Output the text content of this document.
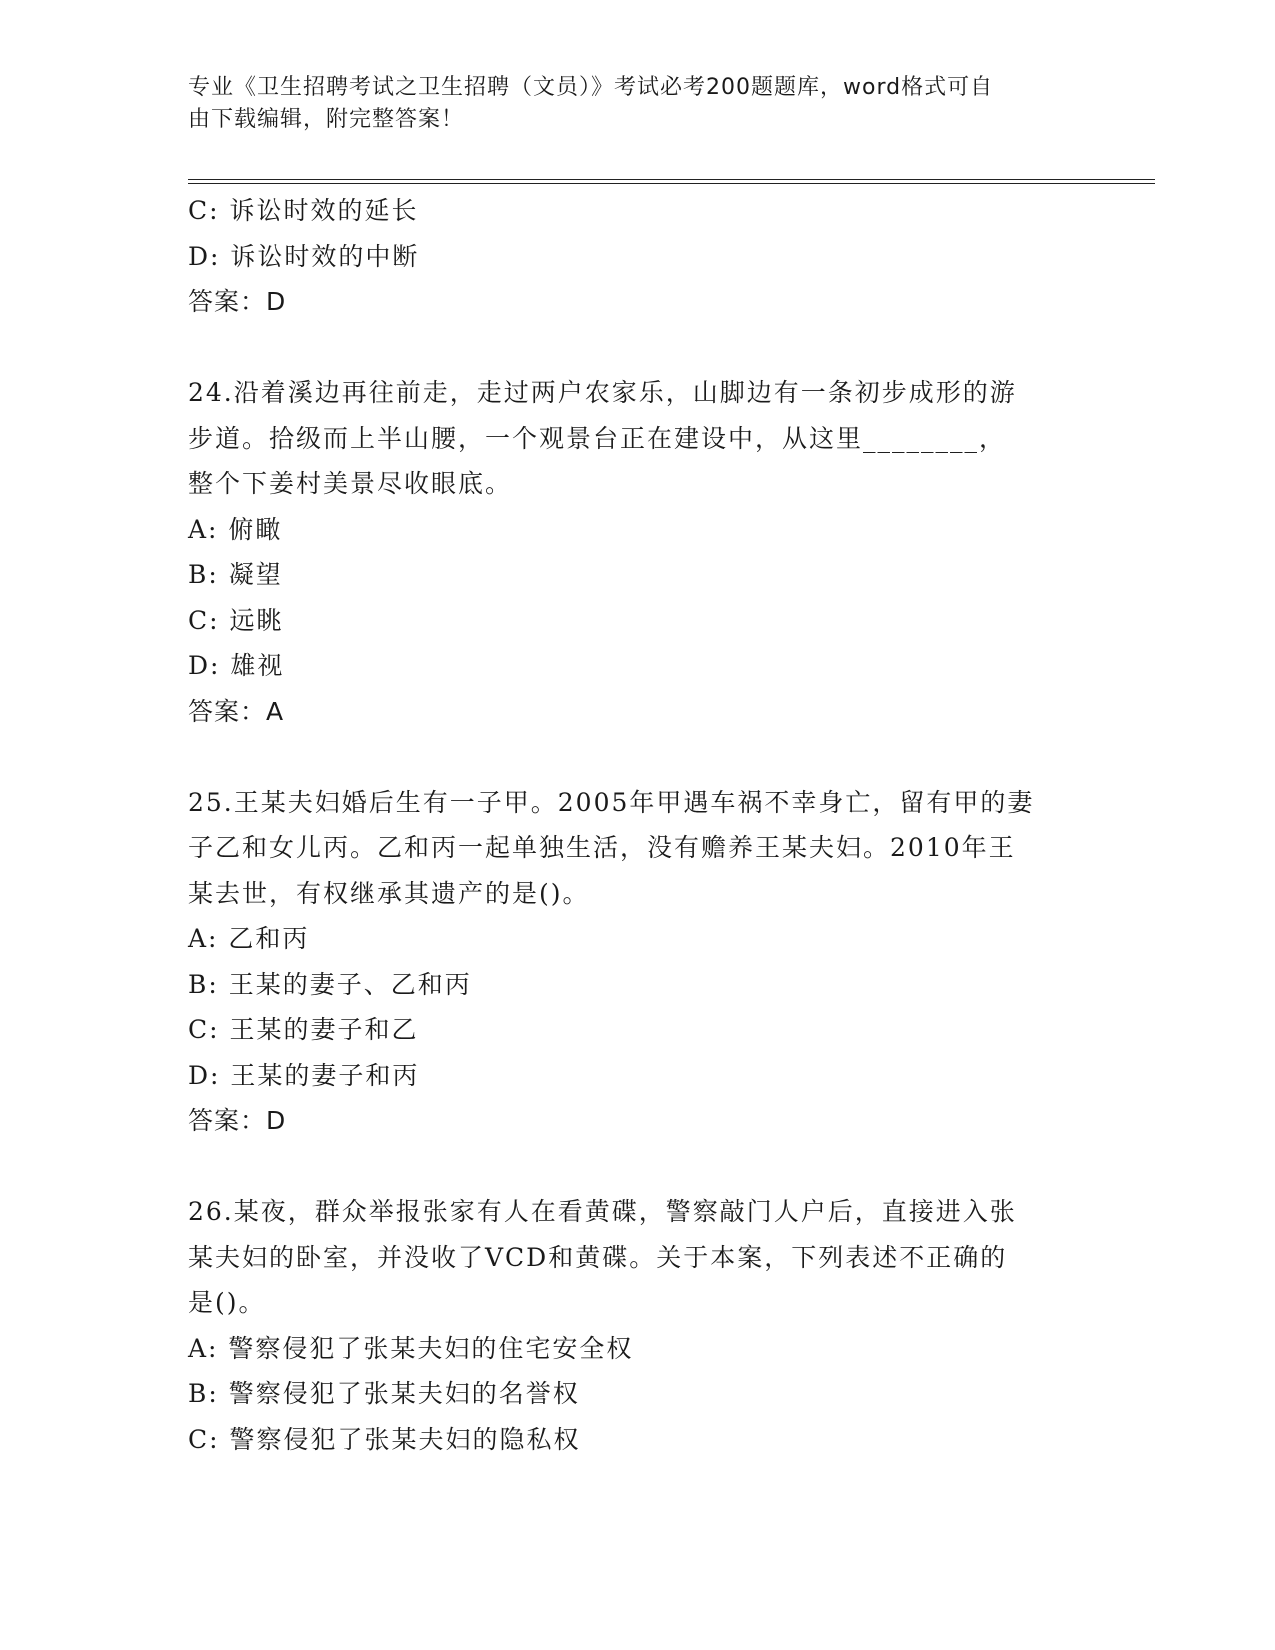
专业《卫生招聘考试之卫生招聘（文员）》考试必考200题题库，word格式可自
由下载编辑，附完整答案！
C: 诉讼时效的延长
D: 诉讼时效的中断
答案：D
24.沿着溪边再往前走，走过两户农家乐，山脚边有一条初步成形的游
步道。拾级而上半山腰，一个观景台正在建设中，从这里________，
整个下姜村美景尽收眼底。
A: 俯瞰
B: 凝望
C: 远眺
D: 雄视
答案：A
25.王某夫妇婚后生有一子甲。2005年甲遇车祸不幸身亡，留有甲的妻
子乙和女儿丙。乙和丙一起单独生活，没有赡养王某夫妇。2010年王
某去世，有权继承其遗产的是()。
A: 乙和丙
B: 王某的妻子、乙和丙
C: 王某的妻子和乙
D: 王某的妻子和丙
答案：D
26.某夜，群众举报张家有人在看黄碟，警察敲门人户后，直接进入张
某夫妇的卧室，并没收了VCD和黄碟。关于本案，下列表述不正确的
是()。
A: 警察侵犯了张某夫妇的住宅安全权
B: 警察侵犯了张某夫妇的名誉权
C: 警察侵犯了张某夫妇的隐私权
